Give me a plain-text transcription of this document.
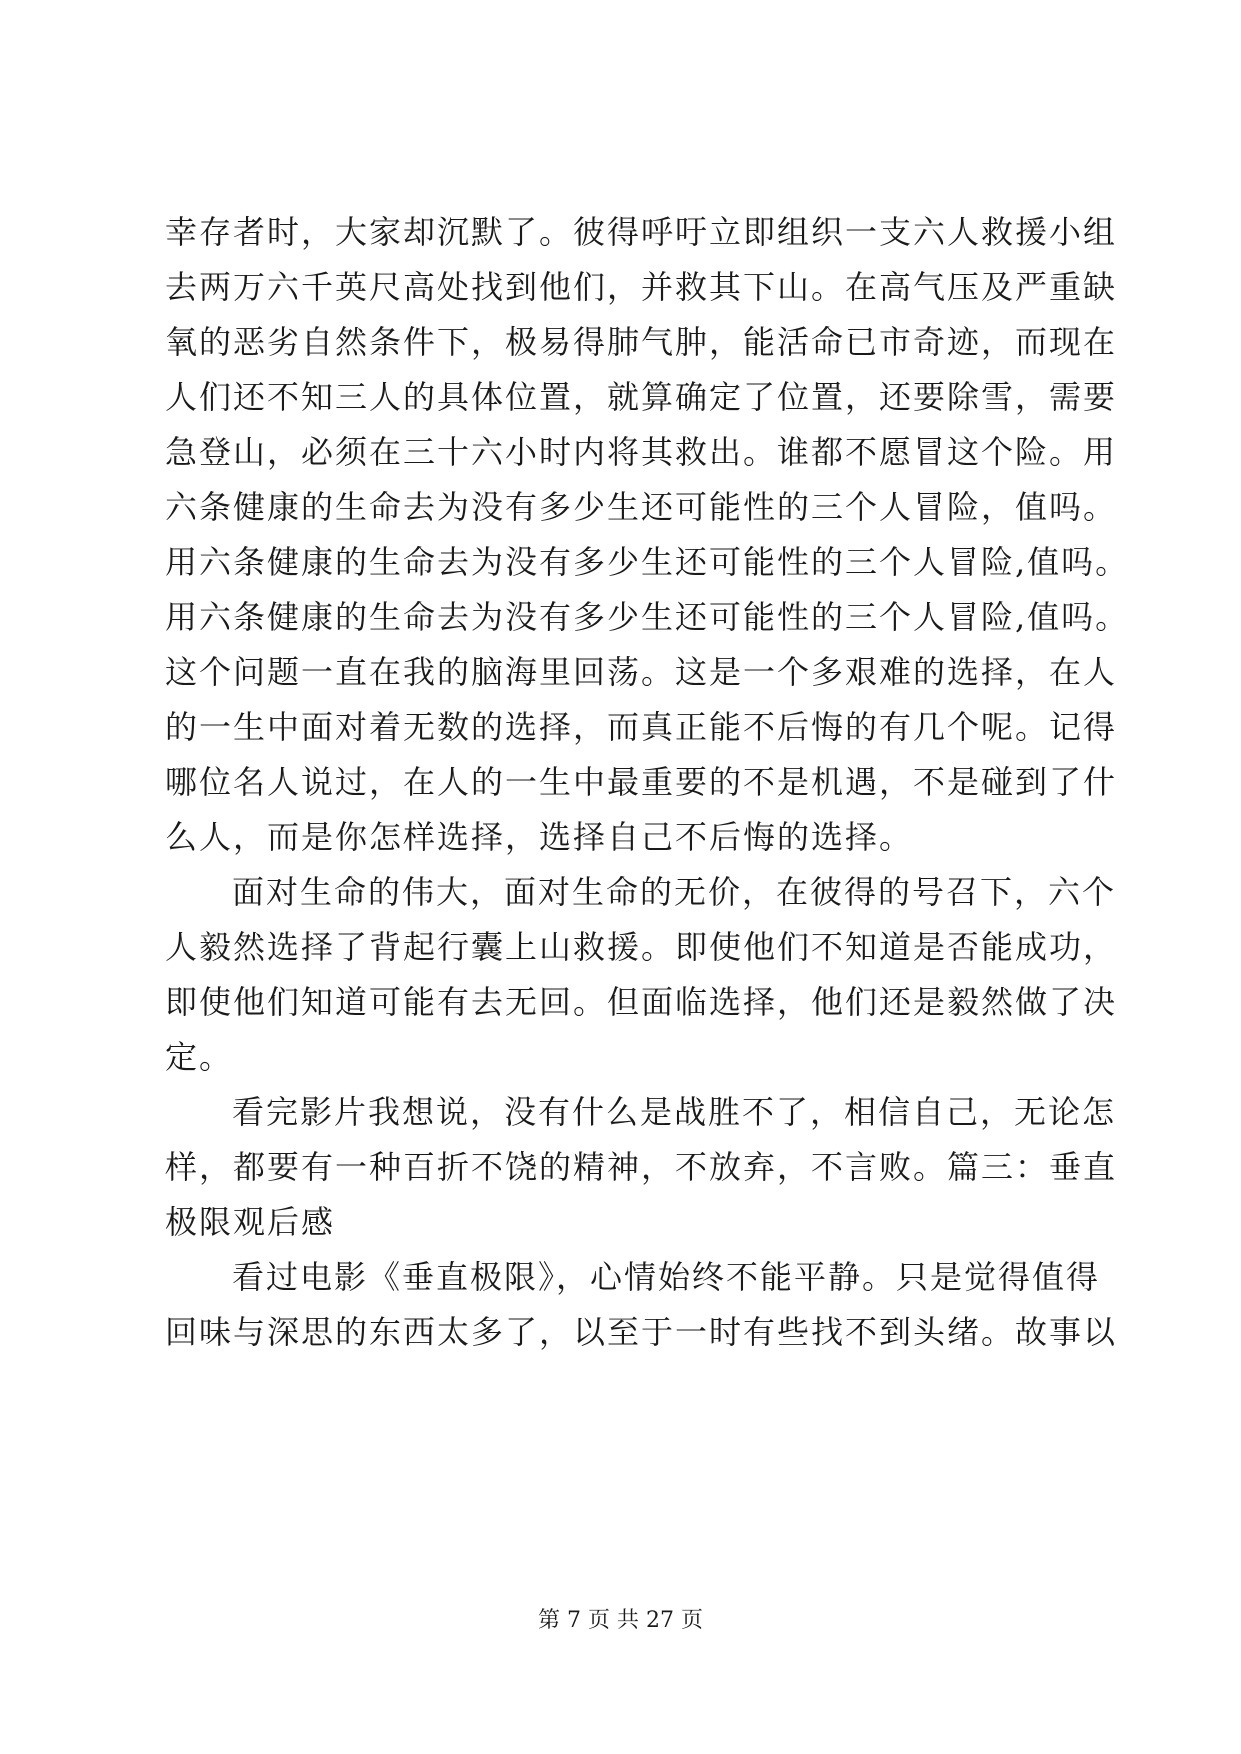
幸存者时，大家却沉默了。彼得呼吁立即组织一支六人救援小组
去两万六千英尺高处找到他们，并救其下山。在高气压及严重缺
氧的恶劣自然条件下，极易得肺气肿，能活命已市奇迹，而现在
人们还不知三人的具体位置，就算确定了位置，还要除雪，需要
急登山，必须在三十六小时内将其救出。谁都不愿冒这个险。用
六条健康的生命去为没有多少生还可能性的三个人冒险，值吗。
用六条健康的生命去为没有多少生还可能性的三个人冒险,值吗。
用六条健康的生命去为没有多少生还可能性的三个人冒险,值吗。
这个问题一直在我的脑海里回荡。这是一个多艰难的选择，在人
的一生中面对着无数的选择，而真正能不后悔的有几个呢。记得
哪位名人说过，在人的一生中最重要的不是机遇，不是碰到了什
么人，而是你怎样选择，选择自己不后悔的选择。
面对生命的伟大，面对生命的无价，在彼得的号召下，六个
人毅然选择了背起行囊上山救援。即使他们不知道是否能成功，
即使他们知道可能有去无回。但面临选择，他们还是毅然做了决
定。
看完影片我想说，没有什么是战胜不了，相信自己，无论怎
样，都要有一种百折不饶的精神，不放弃，不言败。篇三：垂直
极限观后感
看过电影《垂直极限》，心情始终不能平静。只是觉得值得
回味与深思的东西太多了，以至于一时有些找不到头绪。故事以
第 7 页 共 27 页
